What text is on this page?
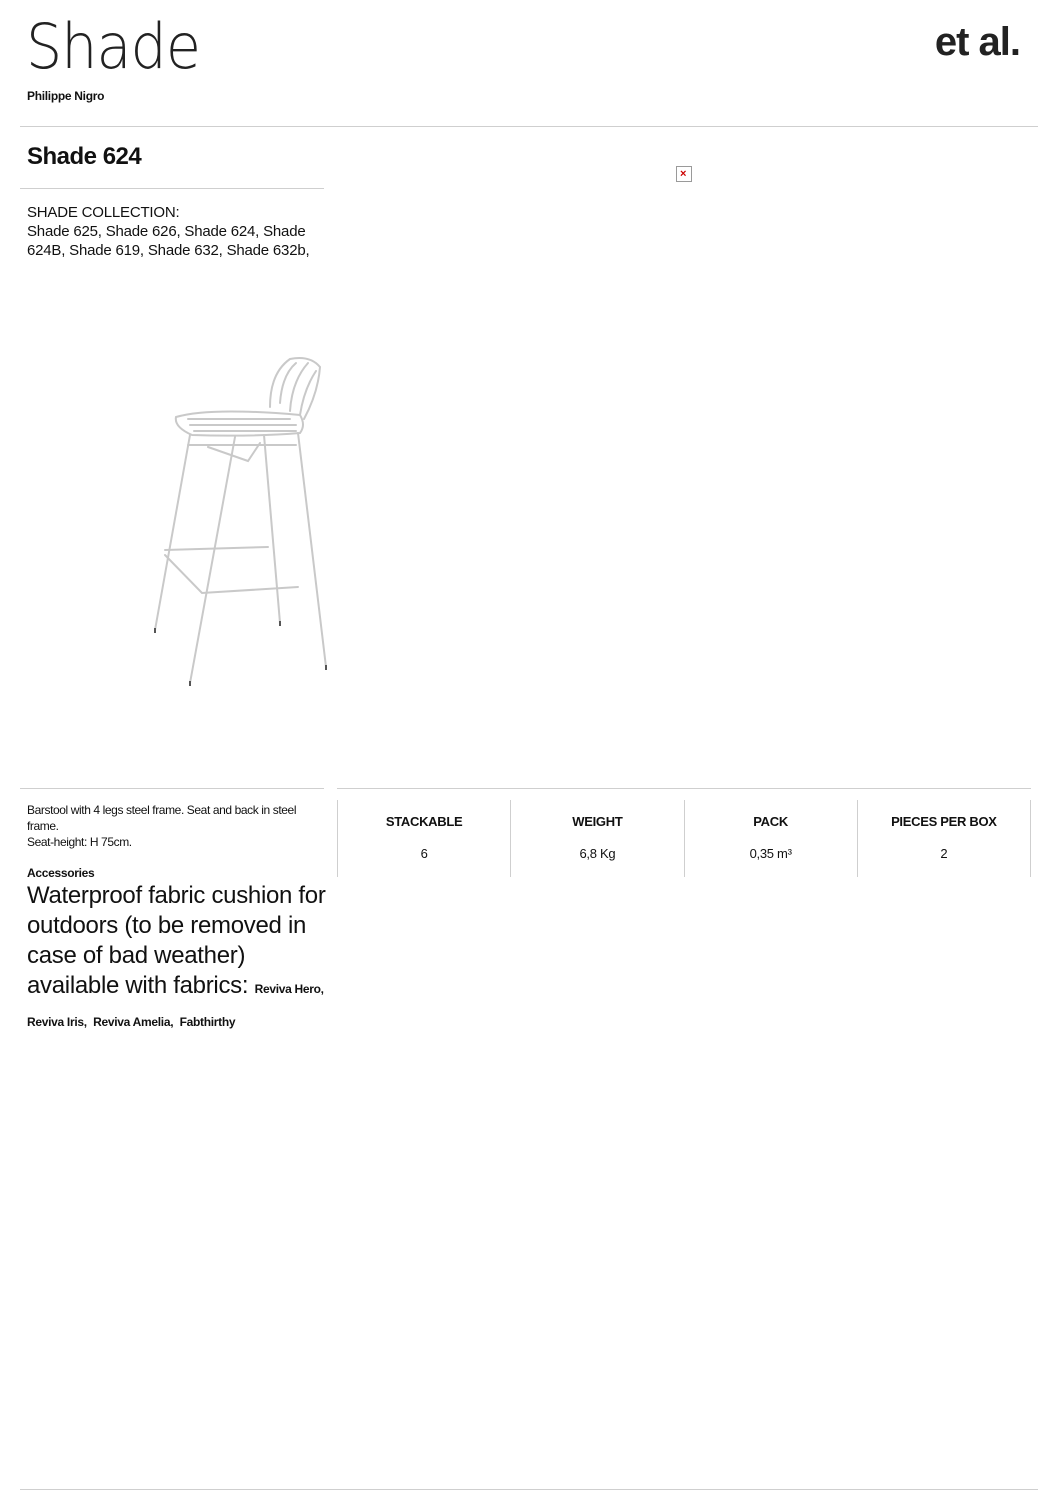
Shade
Philippe Nigro
et al.
Shade 624
SHADE COLLECTION:
Shade 625, Shade 626, Shade 624, Shade 624B, Shade 619, Shade 632, Shade 632b,
×
Barstool with 4 legs steel frame. Seat and back in steel frame.
Seat-height: H 75cm.
Accessories
Waterproof fabric cushion for outdoors (to be removed in case of bad weather) available with fabrics: Reviva Hero, Reviva Iris, Reviva Amelia, Fabthirthy
STACKABLE
6
WEIGHT
6,8 Kg
PACK
0,35 m³
PIECES PER BOX
2
